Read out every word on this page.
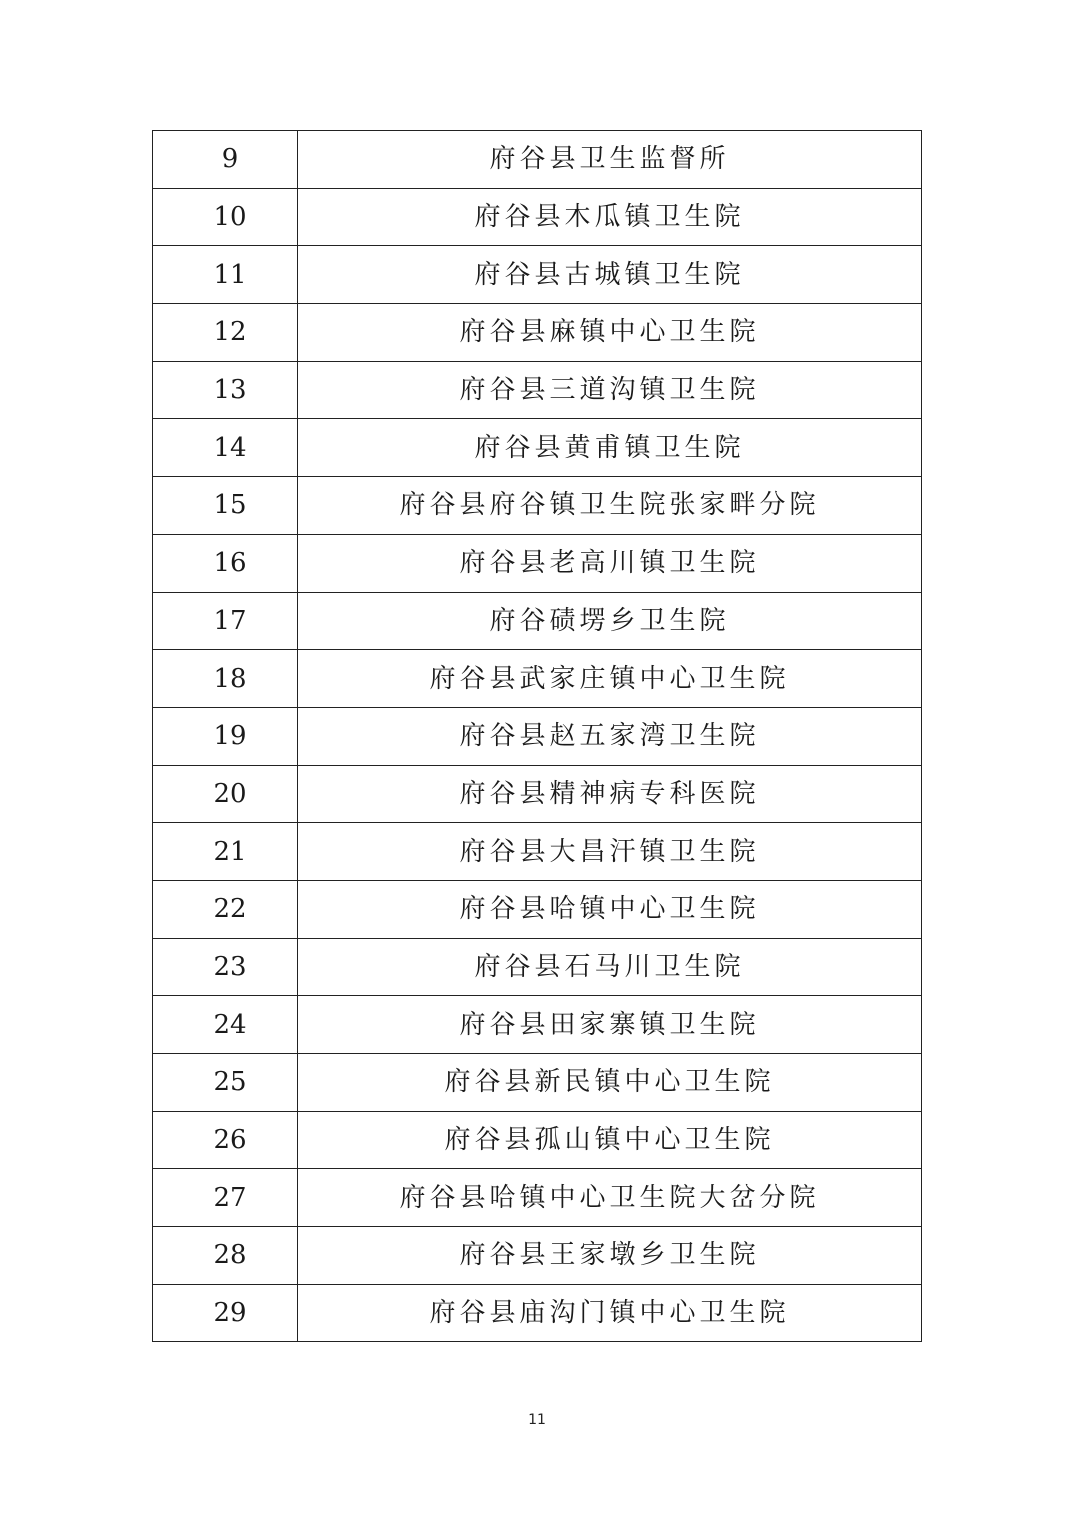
9	府谷县卫生监督所
10	府谷县木瓜镇卫生院
11	府谷县古城镇卫生院
12	府谷县麻镇中心卫生院
13	府谷县三道沟镇卫生院
14	府谷县黄甫镇卫生院
15	府谷县府谷镇卫生院张家畔分院
16	府谷县老高川镇卫生院
17	府谷碛塄乡卫生院
18	府谷县武家庄镇中心卫生院
19	府谷县赵五家湾卫生院
20	府谷县精神病专科医院
21	府谷县大昌汗镇卫生院
22	府谷县哈镇中心卫生院
23	府谷县石马川卫生院
24	府谷县田家寨镇卫生院
25	府谷县新民镇中心卫生院
26	府谷县孤山镇中心卫生院
27	府谷县哈镇中心卫生院大岔分院
28	府谷县王家墩乡卫生院
29	府谷县庙沟门镇中心卫生院
11
